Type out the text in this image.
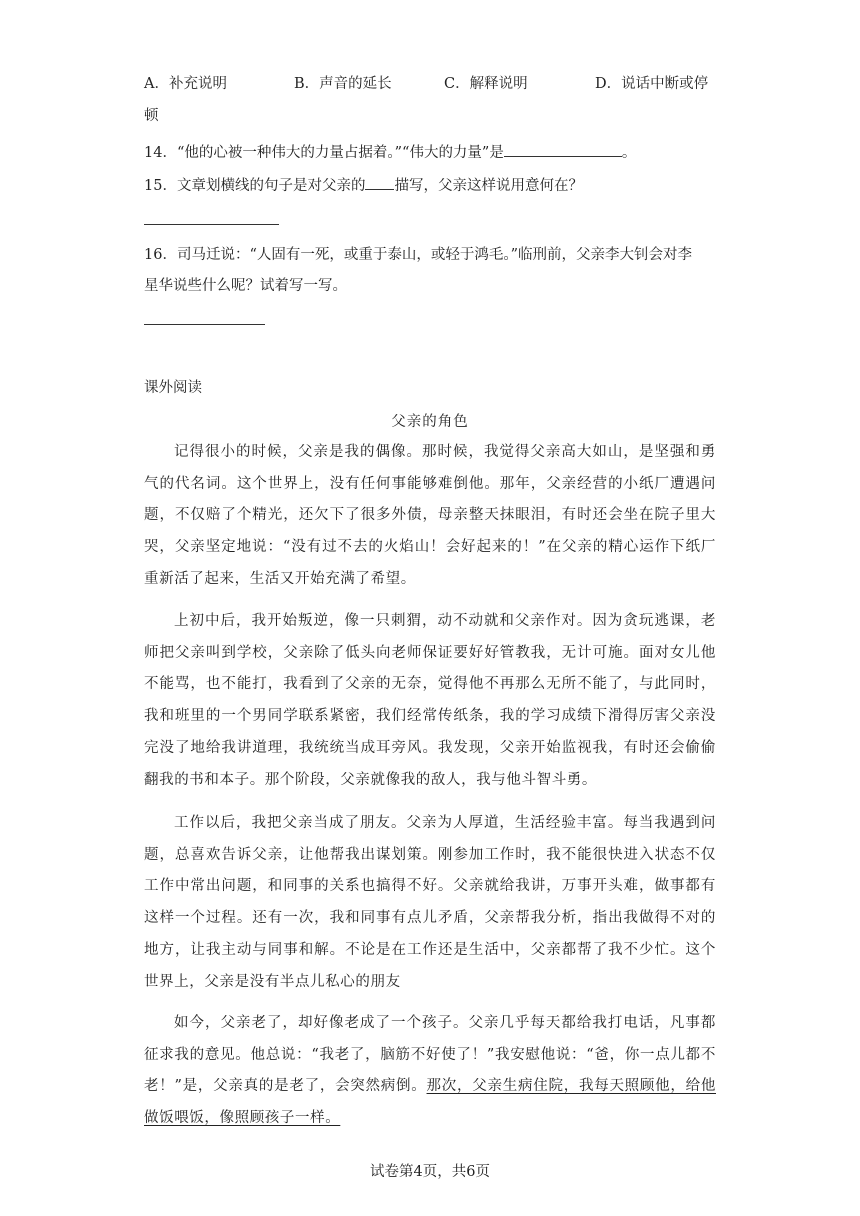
A．补充说明	B．声音的延长	C．解释说明	D．说话中断或停
顿
14．“他的心被一种伟大的力量占据着。”“伟大的力量”是	。
15．文章划横线的句子是对父亲的 描写，父亲这样说用意何在？
16．司马迁说：“人固有一死，或重于泰山，或轻于鸿毛。”临刑前，父亲李大钊会对李
星华说些什么呢？试着写一写。
课外阅读
父亲的角色
记得很小的时候，父亲是我的偶像。那时候，我觉得父亲高大如山，是坚强和勇气的代名词。这个世界上，没有任何事能够难倒他。那年，父亲经营的小纸厂遭遇问题，不仅赔了个精光，还欠下了很多外债，母亲整天抹眼泪，有时还会坐在院子里大哭，父亲坚定地说：“没有过不去的火焰山！会好起来的！”在父亲的精心运作下纸厂重新活了起来，生活又开始充满了希望。
上初中后，我开始叛逆，像一只刺猬，动不动就和父亲作对。因为贪玩逃课，老师把父亲叫到学校，父亲除了低头向老师保证要好好管教我，无计可施。面对女儿他不能骂，也不能打，我看到了父亲的无奈，觉得他不再那么无所不能了，与此同时，我和班里的一个男同学联系紧密，我们经常传纸条，我的学习成绩下滑得厉害父亲没完没了地给我讲道理，我统统当成耳旁风。我发现，父亲开始监视我，有时还会偷偷翻我的书和本子。那个阶段，父亲就像我的敌人，我与他斗智斗勇。
工作以后，我把父亲当成了朋友。父亲为人厚道，生活经验丰富。每当我遇到问题，总喜欢告诉父亲，让他帮我出谋划策。刚参加工作时，我不能很快进入状态不仅工作中常出问题，和同事的关系也搞得不好。父亲就给我讲，万事开头难，做事都有这样一个过程。还有一次，我和同事有点儿矛盾，父亲帮我分析，指出我做得不对的地方，让我主动与同事和解。不论是在工作还是生活中，父亲都帮了我不少忙。这个世界上，父亲是没有半点儿私心的朋友
如今，父亲老了，却好像老成了一个孩子。父亲几乎每天都给我打电话，凡事都征求我的意见。他总说：“我老了，脑筋不好使了！”我安慰他说：“爸，你一点儿都不老！”是，父亲真的是老了，会突然病倒。那次，父亲生病住院，我每天照顾他，给他做饭喂饭，像照顾孩子一样。
试卷第4页，共6页
